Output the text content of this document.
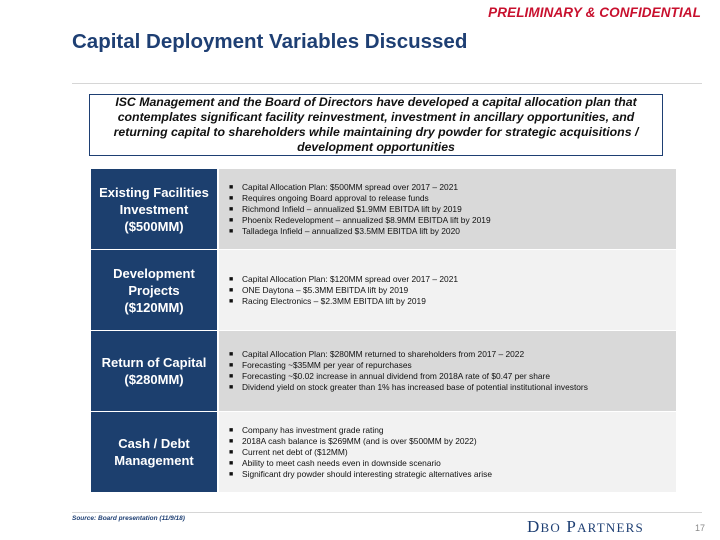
PRELIMINARY & CONFIDENTIAL
Capital Deployment Variables Discussed
ISC Management and the Board of Directors have developed a capital allocation plan that contemplates significant facility reinvestment, investment in ancillary opportunities, and returning capital to shareholders while maintaining dry powder for strategic acquisitions / development opportunities
Existing Facilities Investment ($500MM)
■	Capital Allocation Plan: $500MM spread over 2017 – 2021
■	Requires ongoing Board approval to release funds
■	Richmond Infield – annualized $1.9MM EBITDA lift by 2019
■	Phoenix Redevelopment – annualized $8.9MM EBITDA lift by 2019
■	Talladega Infield – annualized $3.5MM EBITDA lift by 2020
Development Projects ($120MM)
■	Capital Allocation Plan: $120MM spread over 2017 – 2021
■	ONE Daytona – $5.3MM EBITDA lift by 2019
■	Racing Electronics – $2.3MM EBITDA lift by 2019
Return of Capital ($280MM)
■	Capital Allocation Plan: $280MM returned to shareholders from 2017 – 2022
■	Forecasting ~$35MM per year of repurchases
■	Forecasting ~$0.02 increase in annual dividend from 2018A rate of $0.47 per share
■	Dividend yield on stock greater than 1% has increased base of potential institutional investors
Cash / Debt Management
■	Company has investment grade rating
■	2018A cash balance is $269MM (and is over $500MM by 2022)
■	Current net debt of ($12MM)
■	Ability to meet cash needs even in downside scenario
■	Significant dry powder should interesting strategic alternatives arise
Source: Board presentation (11/9/18)	DBO PARTNERS	17
